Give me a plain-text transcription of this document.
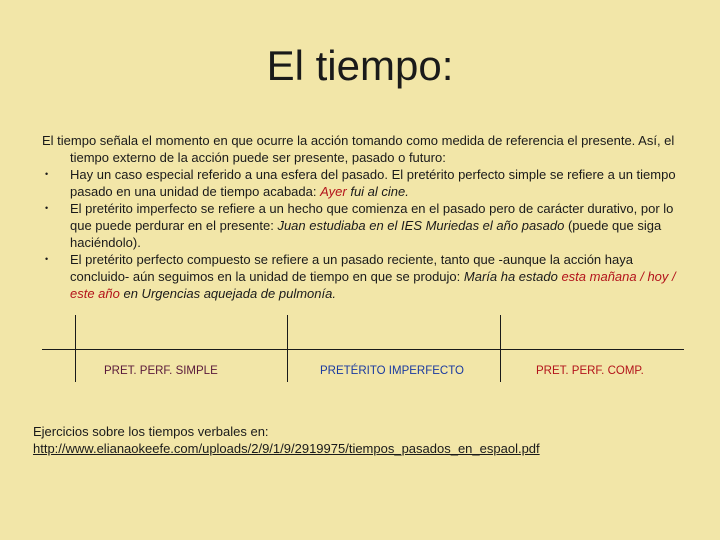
El tiempo:

El tiempo señala el momento en que ocurre la acción tomando como medida de referencia el presente. Así, el tiempo externo de la acción puede ser presente, pasado o futuro:

• Hay un caso especial referido a una esfera del pasado. El pretérito perfecto simple se refiere a un tiempo pasado en una unidad de tiempo acabada: Ayer fui al cine.

• El pretérito imperfecto se refiere a un hecho que comienza en el pasado pero de carácter durativo, por lo que puede perdurar en el presente: Juan estudiaba en el IES Muriedas el año pasado (puede que siga haciéndolo).

• El pretérito perfecto compuesto se refiere a un pasado reciente, tanto que -aunque la acción haya concluido- aún seguimos en la unidad de tiempo en que se produjo: María ha estado esta mañana / hoy / este año en Urgencias aquejada de pulmonía.

PRET. PERF. SIMPLE	PRETÉRITO IMPERFECTO	PRET. PERF. COMP.
Ejercicios sobre los tiempos verbales en:
http://www.elianaokeefe.com/uploads/2/9/1/9/2919975/tiempos_pasados_en_espaol.pdf
